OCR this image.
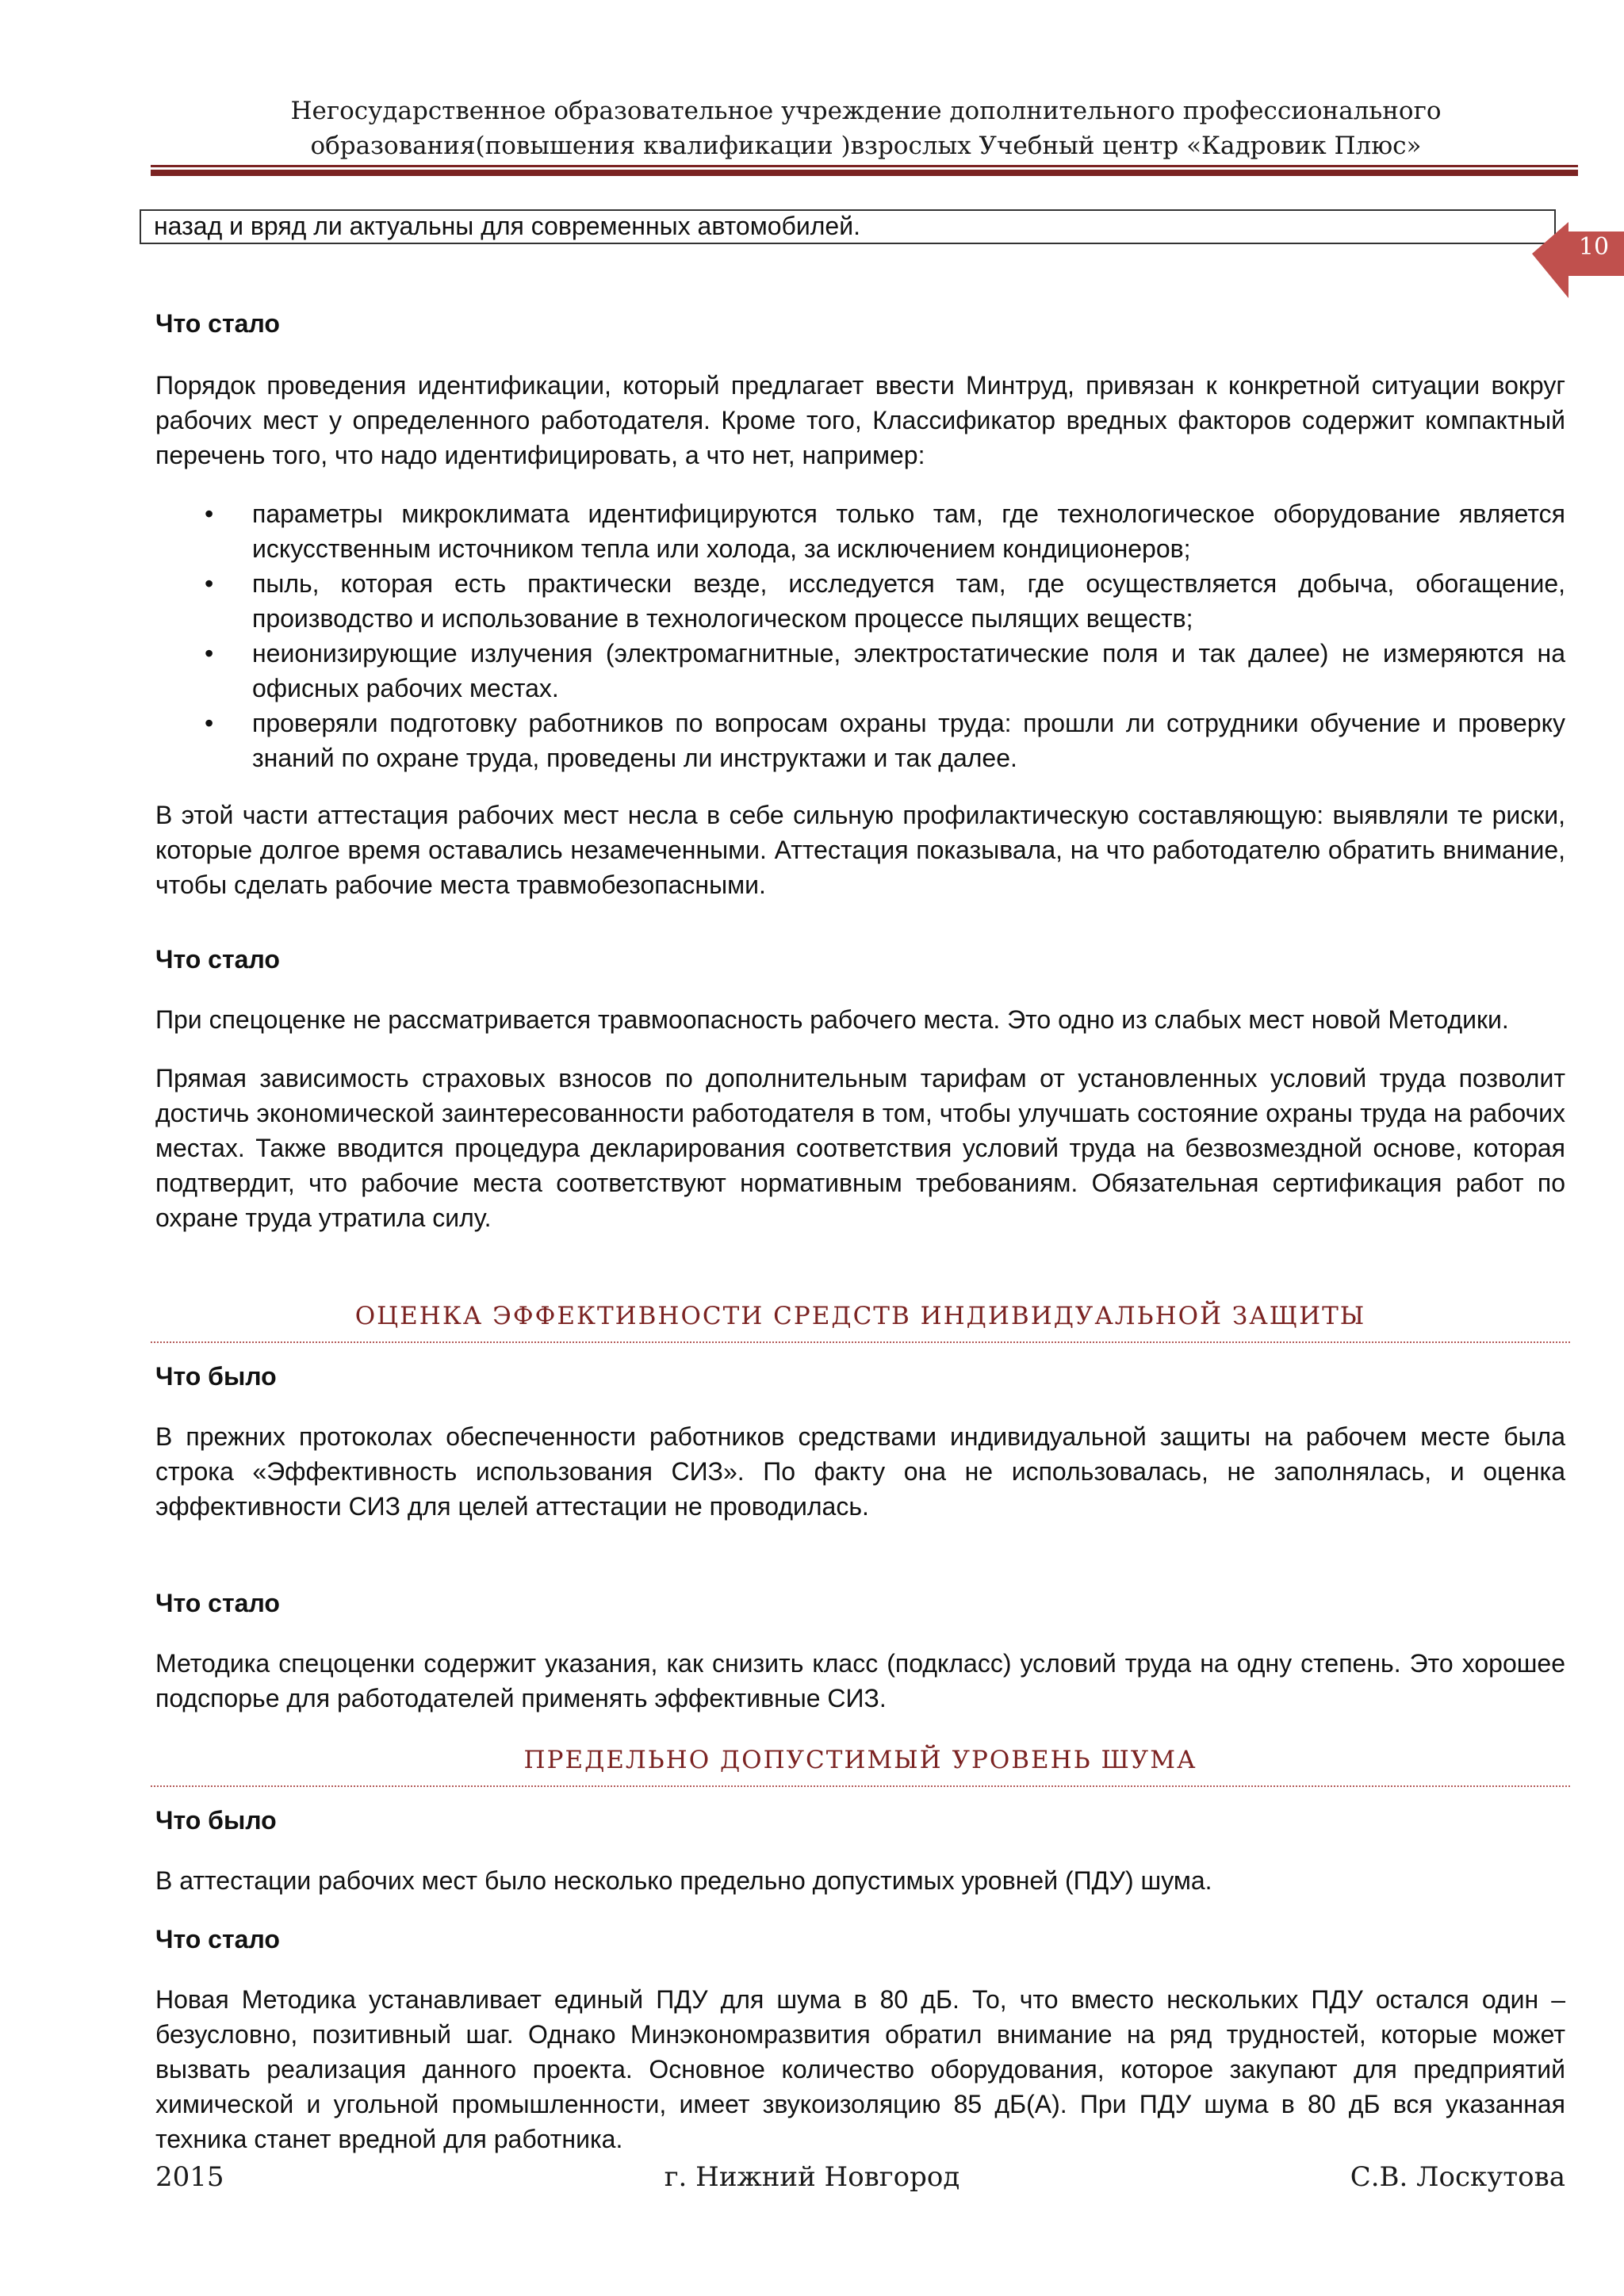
Негосударственное образовательное учреждение дополнительного профессионального
образования(повышения квалификации )взрослых Учебный центр «Кадровик Плюс»
назад и вряд ли актуальны для современных автомобилей.
10
Что стало
Порядок проведения идентификации, который предлагает ввести Минтруд, привязан к конкретной ситуации вокруг рабочих мест у определенного работодателя. Кроме того, Классификатор вредных факторов содержит компактный перечень того, что надо идентифицировать, а что нет, например:
• параметры микроклимата идентифицируются только там, где технологическое оборудование является искусственным источником тепла или холода, за исключением кондиционеров;
• пыль, которая есть практически везде, исследуется там, где осуществляется добыча, обогащение, производство и использование в технологическом процессе пылящих веществ;
• неионизирующие излучения (электромагнитные, электростатические поля и так далее) не измеряются на офисных рабочих местах.
• проверяли подготовку работников по вопросам охраны труда: прошли ли сотрудники обучение и проверку знаний по охране труда, проведены ли инструктажи и так далее.
В этой части аттестация рабочих мест несла в себе сильную профилактическую составляющую: выявляли те риски, которые долгое время оставались незамеченными. Аттестация показывала, на что работодателю обратить внимание, чтобы сделать рабочие места травмобезопасными.
Что стало
При спецоценке не рассматривается травмоопасность рабочего места. Это одно из слабых мест новой Методики.
Прямая зависимость страховых взносов по дополнительным тарифам от установленных условий труда позволит достичь экономической заинтересованности работодателя в том, чтобы улучшать состояние охраны труда на рабочих местах. Также вводится процедура декларирования соответствия условий труда на безвозмездной основе, которая подтвердит, что рабочие места соответствуют нормативным требованиям. Обязательная сертификация работ по охране труда утратила силу.
ОЦЕНКА ЭФФЕКТИВНОСТИ СРЕДСТВ ИНДИВИДУАЛЬНОЙ ЗАЩИТЫ
Что было
В прежних протоколах обеспеченности работников средствами индивидуальной защиты на рабочем месте была строка «Эффективность использования СИЗ». По факту она не использовалась, не заполнялась, и оценка эффективности СИЗ для целей аттестации не проводилась.
Что стало
Методика спецоценки содержит указания, как снизить класс (подкласс) условий труда на одну степень. Это хорошее подспорье для работодателей применять эффективные СИЗ.
ПРЕДЕЛЬНО ДОПУСТИМЫЙ УРОВЕНЬ ШУМА
Что было
В аттестации рабочих мест было несколько предельно допустимых уровней (ПДУ) шума.
Что стало
Новая Методика устанавливает единый ПДУ для шума в 80 дБ. То, что вместо нескольких ПДУ остался один – безусловно, позитивный шаг. Однако Минэкономразвития обратил внимание на ряд трудностей, которые может вызвать реализация данного проекта. Основное количество оборудования, которое закупают для предприятий химической и угольной промышленности, имеет звукоизоляцию 85 дБ(А). При ПДУ шума в 80 дБ вся указанная техника станет вредной для работника.
2015	г. Нижний Новгород	С.В. Лоскутова
